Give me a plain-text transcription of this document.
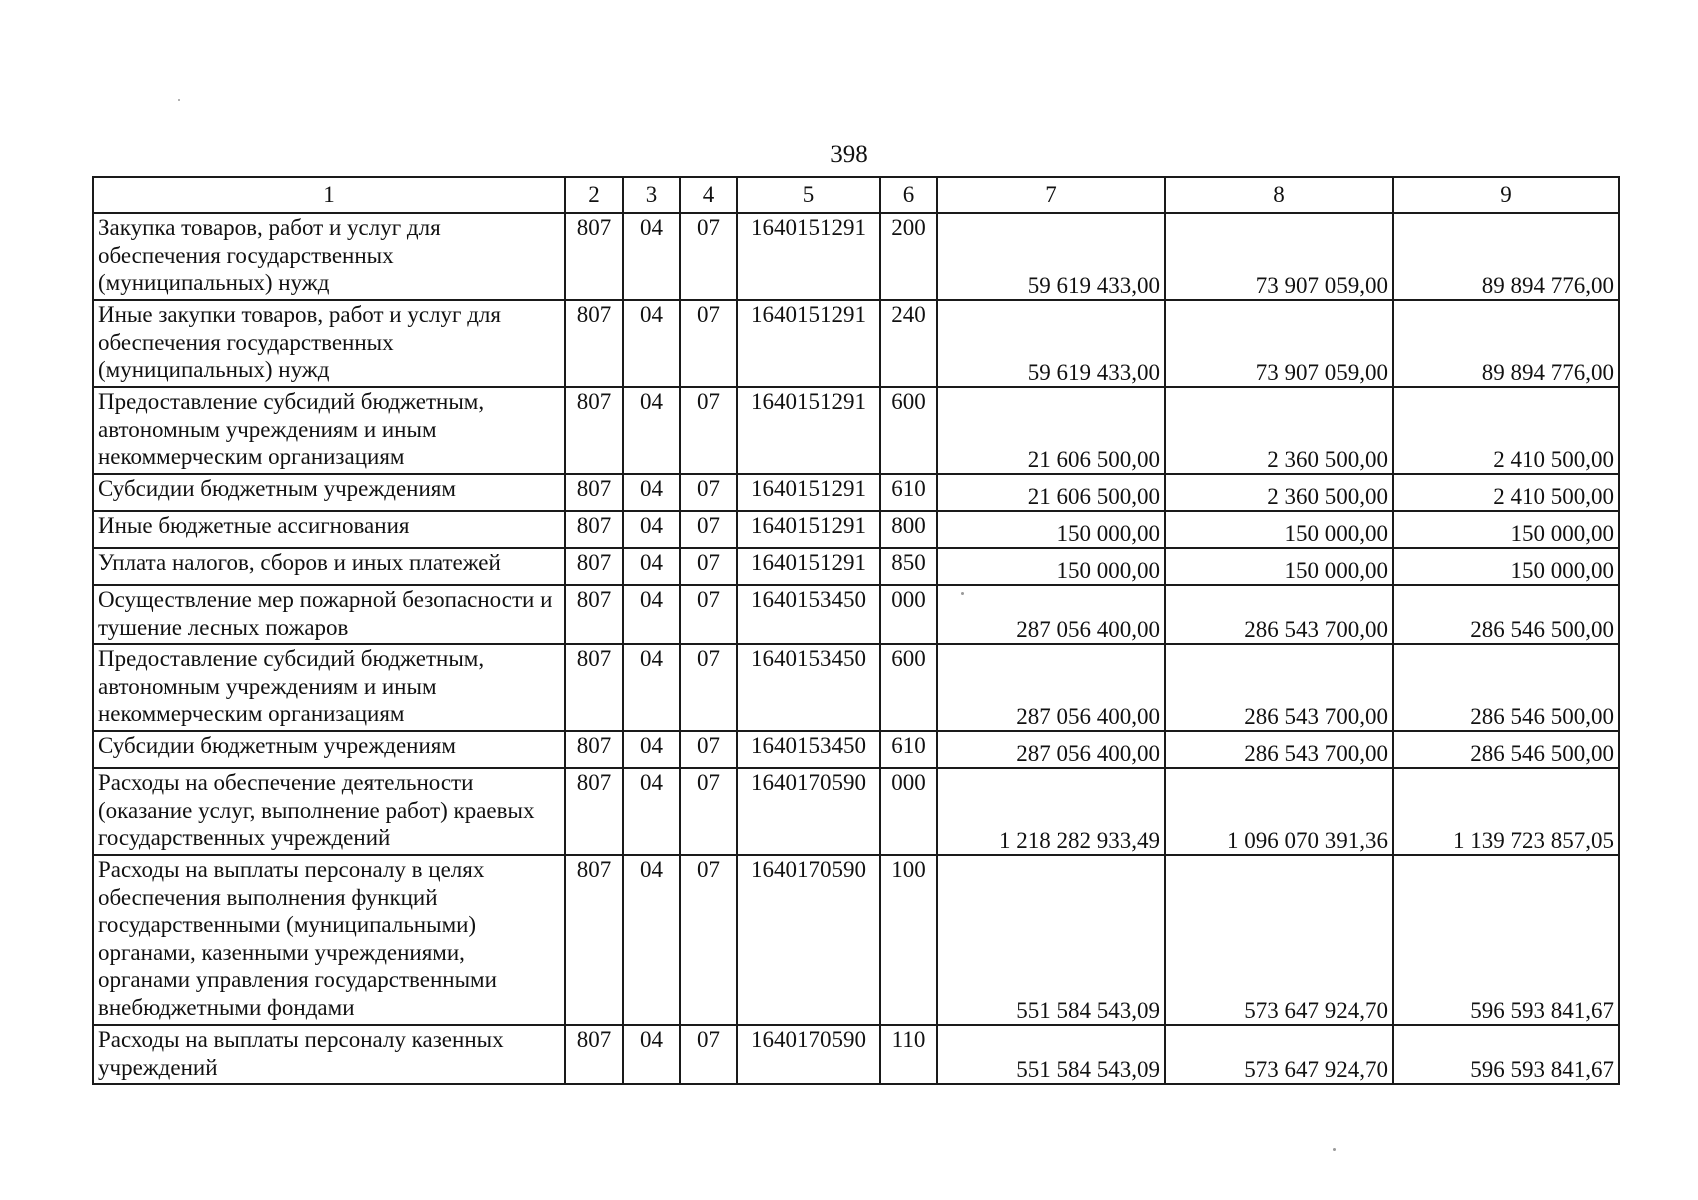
398
1	2	3	4	5	6	7	8	9
Закупка товаров, работ и услуг для обеспечения государственных (муниципальных) нужд	807	04	07	1640151291	200	59 619 433,00	73 907 059,00	89 894 776,00
Иные закупки товаров, работ и услуг для обеспечения государственных (муниципальных) нужд	807	04	07	1640151291	240	59 619 433,00	73 907 059,00	89 894 776,00
Предоставление субсидий бюджетным, автономным учреждениям и иным некоммерческим организациям	807	04	07	1640151291	600	21 606 500,00	2 360 500,00	2 410 500,00
Субсидии бюджетным учреждениям	807	04	07	1640151291	610	21 606 500,00	2 360 500,00	2 410 500,00
Иные бюджетные ассигнования	807	04	07	1640151291	800	150 000,00	150 000,00	150 000,00
Уплата налогов, сборов и иных платежей	807	04	07	1640151291	850	150 000,00	150 000,00	150 000,00
Осуществление мер пожарной безопасности и тушение лесных пожаров	807	04	07	1640153450	000	287 056 400,00	286 543 700,00	286 546 500,00
Предоставление субсидий бюджетным, автономным учреждениям и иным некоммерческим организациям	807	04	07	1640153450	600	287 056 400,00	286 543 700,00	286 546 500,00
Субсидии бюджетным учреждениям	807	04	07	1640153450	610	287 056 400,00	286 543 700,00	286 546 500,00
Расходы на обеспечение деятельности (оказание услуг, выполнение работ) краевых государственных учреждений	807	04	07	1640170590	000	1 218 282 933,49	1 096 070 391,36	1 139 723 857,05
Расходы на выплаты персоналу в целях обеспечения выполнения функций государственными (муниципальными) органами, казенными учреждениями, органами управления государственными внебюджетными фондами	807	04	07	1640170590	100	551 584 543,09	573 647 924,70	596 593 841,67
Расходы на выплаты персоналу казенных учреждений	807	04	07	1640170590	110	551 584 543,09	573 647 924,70	596 593 841,67
